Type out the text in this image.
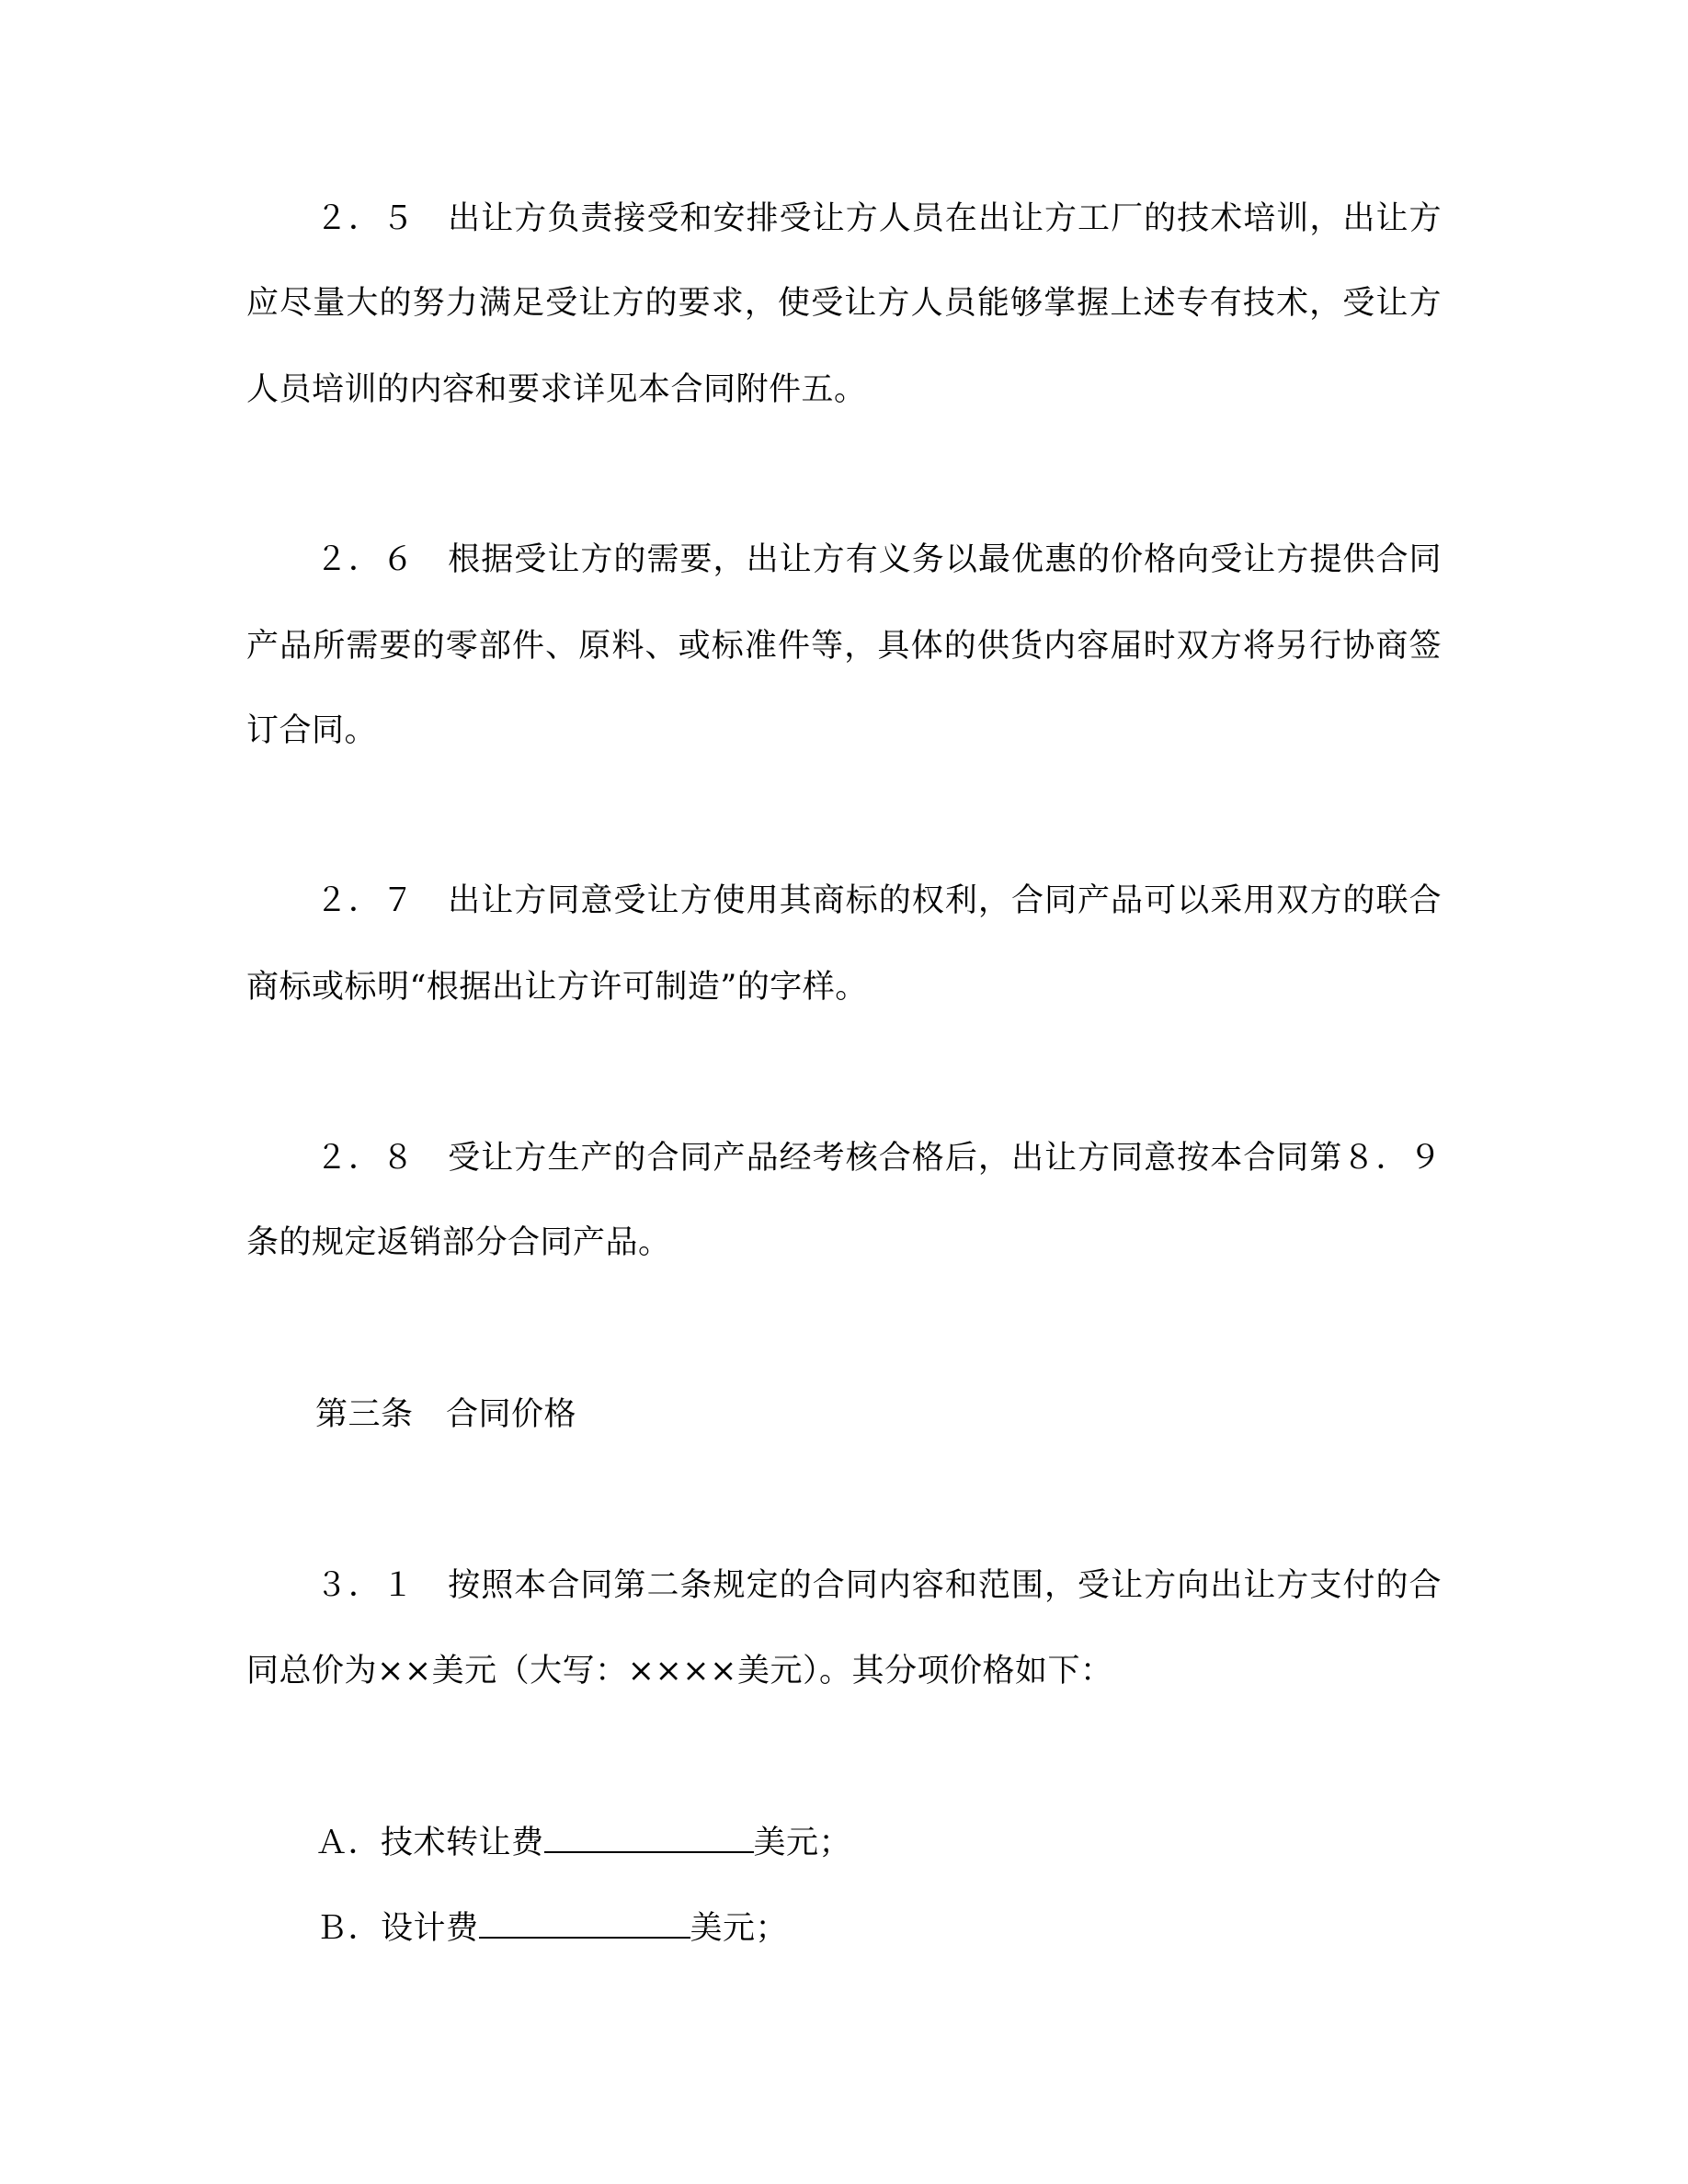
２．５　出让方负责接受和安排受让方人员在出让方工厂的技术培训，出让方
应尽量大的努力满足受让方的要求，使受让方人员能够掌握上述专有技术，受让方
人员培训的内容和要求详见本合同附件五。
２．６　根据受让方的需要，出让方有义务以最优惠的价格向受让方提供合同
产品所需要的零部件、原料、或标准件等，具体的供货内容届时双方将另行协商签
订合同。
２．７　出让方同意受让方使用其商标的权利，合同产品可以采用双方的联合
商标或标明“根据出让方许可制造”的字样。
２．８　受让方生产的合同产品经考核合格后，出让方同意按本合同第８．９
条的规定返销部分合同产品。
第三条　合同价格
３．１　按照本合同第二条规定的合同内容和范围，受让方向出让方支付的合
同总价为××美元（大写：××××美元）。其分项价格如下：
Ａ．技术转让费	美元；
Ｂ．设计费	美元；
